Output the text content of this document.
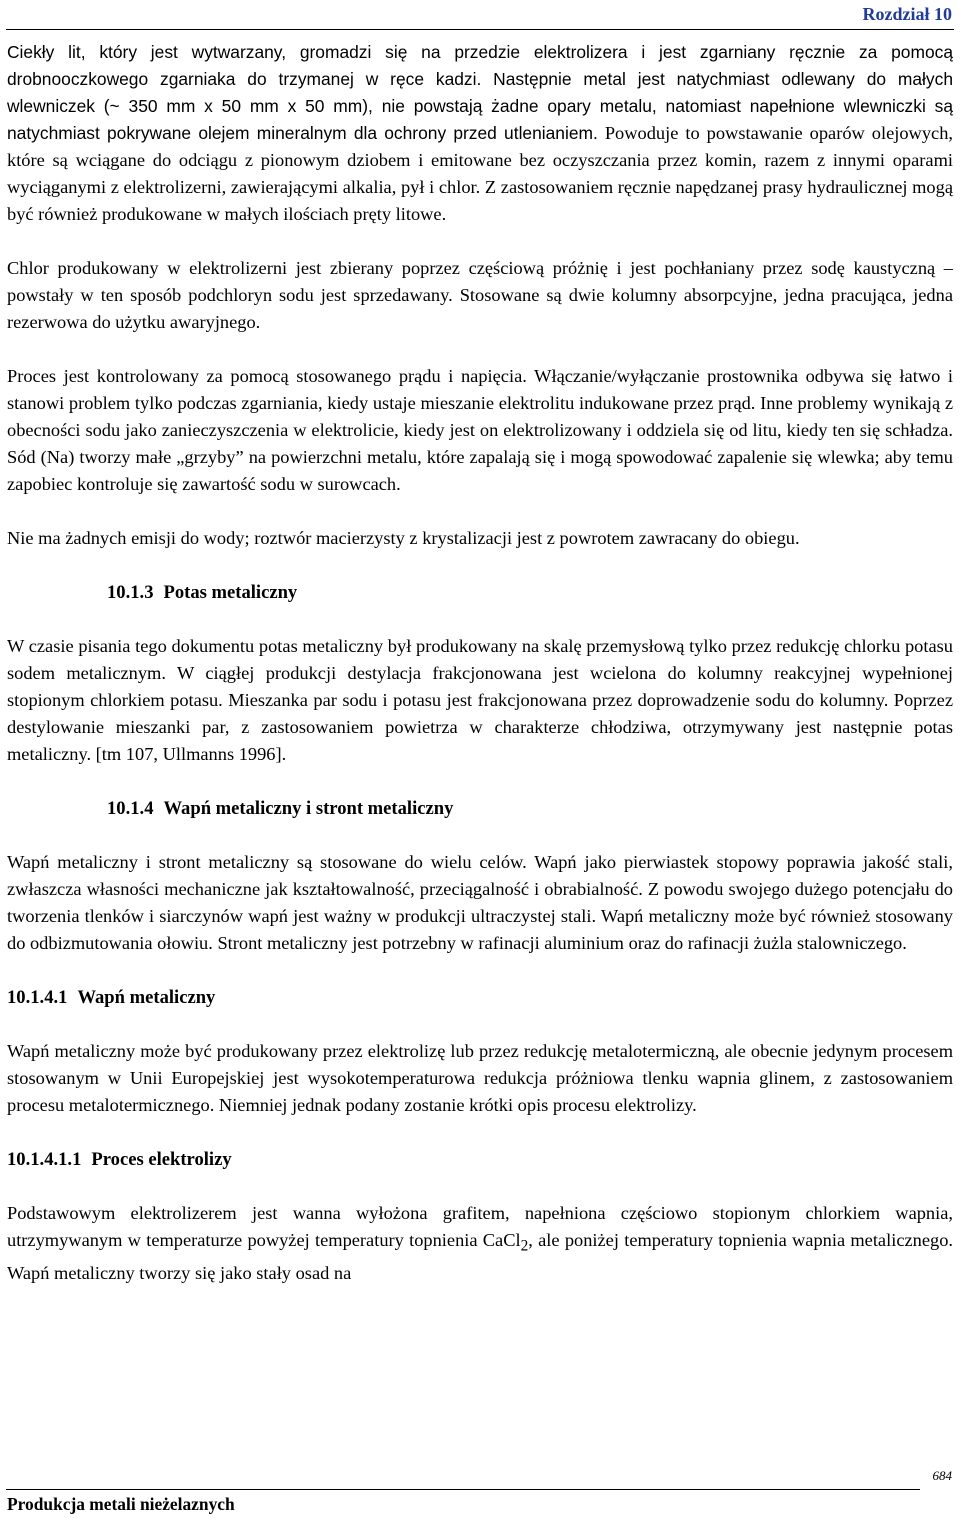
Rozdział 10

Ciekły lit, który jest wytwarzany, gromadzi się na przedzie elektrolizera i jest zgarniany ręcznie za pomocą drobnooczkowego zgarniaka do trzymanej w ręce kadzi. Następnie metal jest natychmiast odlewany do małych wlewniczek (~ 350 mm x 50 mm x 50 mm), nie powstają żadne opary metalu, natomiast napełnione wlewniczki są natychmiast pokrywane olejem mineralnym dla ochrony przed utlenianiem. Powoduje to powstawanie oparów olejowych, które są wciągane do odciągu z pionowym dziobem i emitowane bez oczyszczania przez komin, razem z innymi oparami wyciąganymi z elektrolizerni, zawierającymi alkalia, pył i chlor. Z zastosowaniem ręcznie napędzanej prasy hydraulicznej mogą być również produkowane w małych ilościach pręty litowe.

Chlor produkowany w elektrolizerni jest zbierany poprzez częściową próżnię i jest pochłaniany przez sodę kaustyczną – powstały w ten sposób podchloryn sodu jest sprzedawany. Stosowane są dwie kolumny absorpcyjne, jedna pracująca, jedna rezerwowa do użytku awaryjnego.

Proces jest kontrolowany za pomocą stosowanego prądu i napięcia. Włączanie/wyłączanie prostownika odbywa się łatwo i stanowi problem tylko podczas zgarniania, kiedy ustaje mieszanie elektrolitu indukowane przez prąd. Inne problemy wynikają z obecności sodu jako zanieczyszczenia w elektrolicie, kiedy jest on elektrolizowany i oddziela się od litu, kiedy ten się schładza. Sód (Na) tworzy małe „grzyby” na powierzchni metalu, które zapalają się i mogą spowodować zapalenie się wlewka; aby temu zapobiec kontroluje się zawartość sodu w surowcach.

Nie ma żadnych emisji do wody; roztwór macierzysty z krystalizacji jest z powrotem zawracany do obiegu.

10.1.3 Potas metaliczny

W czasie pisania tego dokumentu potas metaliczny był produkowany na skalę przemysłową tylko przez redukcję chlorku potasu sodem metalicznym. W ciągłej produkcji destylacja frakcjonowana jest wcielona do kolumny reakcyjnej wypełnionej stopionym chlorkiem potasu. Mieszanka par sodu i potasu jest frakcjonowana przez doprowadzenie sodu do kolumny. Poprzez destylowanie mieszanki par, z zastosowaniem powietrza w charakterze chłodziwa, otrzymywany jest następnie potas metaliczny. [tm 107, Ullmanns 1996].

10.1.4 Wapń metaliczny i stront metaliczny

Wapń metaliczny i stront metaliczny są stosowane do wielu celów. Wapń jako pierwiastek stopowy poprawia jakość stali, zwłaszcza własności mechaniczne jak kształtowalność, przeciągalność i obrabialność. Z powodu swojego dużego potencjału do tworzenia tlenków i siarczynów wapń jest ważny w produkcji ultraczystej stali. Wapń metaliczny może być również stosowany do odbizmutowania ołowiu. Stront metaliczny jest potrzebny w rafinacji aluminium oraz do rafinacji żużla stalowniczego.

10.1.4.1 Wapń metaliczny

Wapń metaliczny może być produkowany przez elektrolizę lub przez redukcję metalotermiczną, ale obecnie jedynym procesem stosowanym w Unii Europejskiej jest wysokotemperaturowa redukcja próżniowa tlenku wapnia glinem, z zastosowaniem procesu metalotermicznego. Niemniej jednak podany zostanie krótki opis procesu elektrolizy.

10.1.4.1.1 Proces elektrolizy

Podstawowym elektrolizerem jest wanna wyłożona grafitem, napełniona częściowo stopionym chlorkiem wapnia, utrzymywanym w temperaturze powyżej temperatury topnienia CaCl$_2$, ale poniżej temperatury topnienia wapnia metalicznego. Wapń metaliczny tworzy się jako stały osad na

684
Produkcja metali nieżelaznych
